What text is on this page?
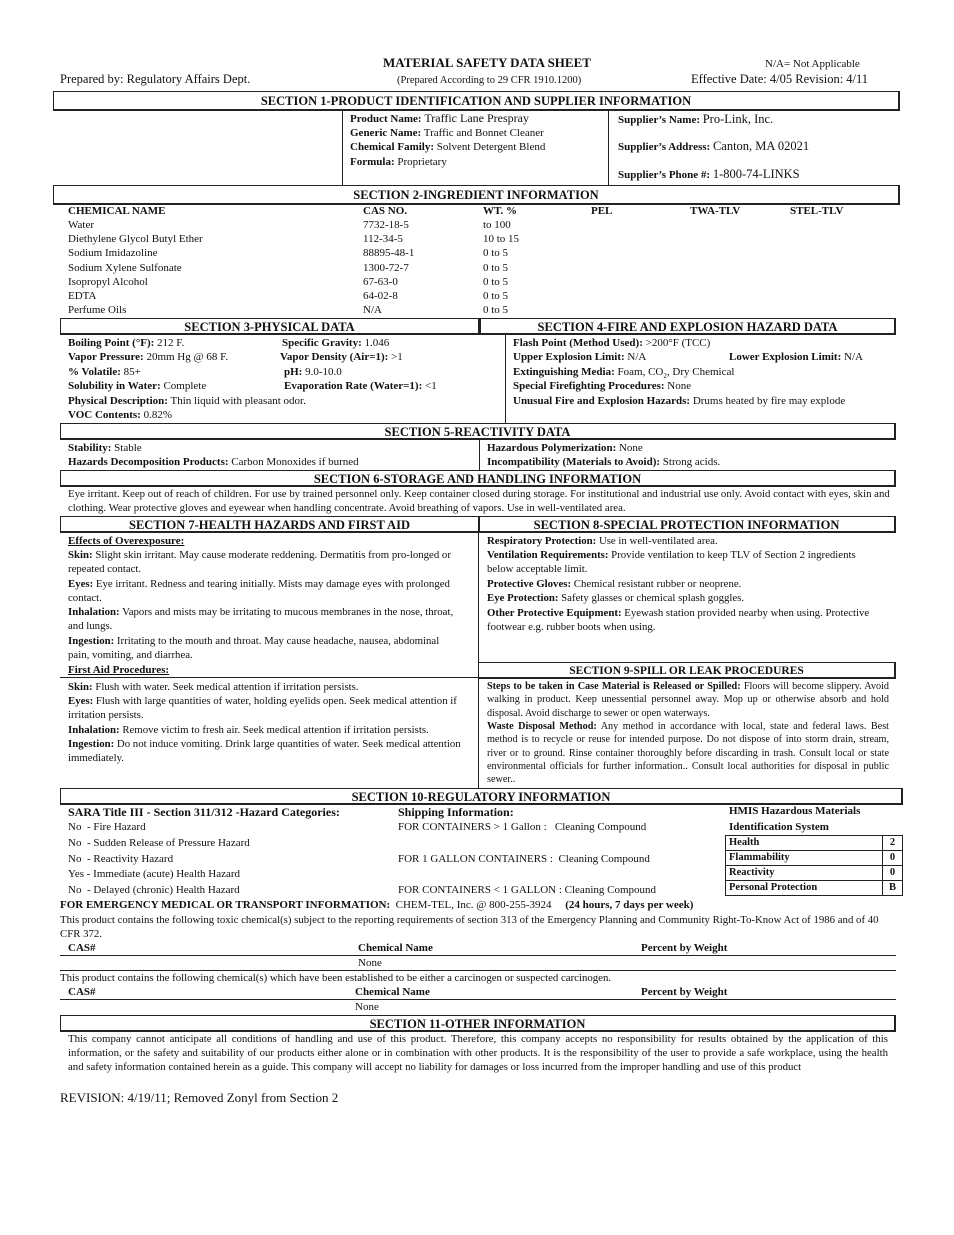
MATERIAL SAFETY DATA SHEET
(Prepared According to 29 CFR 1910.1200)
Prepared by: Regulatory Affairs Dept.
N/A= Not Applicable
Effective Date: 4/05 Revision: 4/11
SECTION 1-PRODUCT IDENTIFICATION AND SUPPLIER INFORMATION
Product Name: Traffic Lane Prespray
Generic Name: Traffic and Bonnet Cleaner
Chemical Family: Solvent Detergent Blend
Formula: Proprietary
Supplier’s Name: Pro-Link, Inc.
Supplier’s Address: Canton, MA 02021
Supplier’s Phone #: 1-800-74-LINKS
SECTION 2-INGREDIENT INFORMATION
CHEMICAL NAME	CAS NO.	WT. %	PEL	TWA-TLV	STEL-TLV
Water	7732-18-5	to 100
Diethylene Glycol Butyl Ether	112-34-5	10 to 15
Sodium Imidazoline	88895-48-1	0 to 5
Sodium Xylene Sulfonate	1300-72-7	0 to 5
Isopropyl Alcohol	67-63-0	0 to 5
EDTA	64-02-8	0 to 5
Perfume Oils	N/A	0 to 5
SECTION 3-PHYSICAL DATA	SECTION 4-FIRE AND EXPLOSION HAZARD DATA
Boiling Point (°F): 212 F.	Specific Gravity: 1.046
Vapor Pressure: 20mm Hg @ 68 F.	Vapor Density (Air=1): >1
% Volatile: 85+	pH: 9.0-10.0
Solubility in Water: Complete	Evaporation Rate (Water=1): <1
Physical Description: Thin liquid with pleasant odor.
VOC Contents: 0.82%
Flash Point (Method Used): >200°F (TCC)
Upper Explosion Limit: N/A	Lower Explosion Limit: N/A
Extinguishing Media: Foam, $CO_2$, Dry Chemical
Special Firefighting Procedures: None
Unusual Fire and Explosion Hazards: Drums heated by fire may explode
SECTION 5-REACTIVITY DATA
Stability: Stable
Hazards Decomposition Products: Carbon Monoxides if burned
Hazardous Polymerization: None
Incompatibility (Materials to Avoid): Strong acids.
SECTION 6-STORAGE AND HANDLING INFORMATION
Eye irritant. Keep out of reach of children. For use by trained personnel only. Keep container closed during storage. For institutional and industrial use only. Avoid contact with eyes, skin and clothing. Wear protective gloves and eyewear when handling concentrate. Avoid breathing of vapors. Use in well-ventilated area.
SECTION 7-HEALTH HAZARDS AND FIRST AID	SECTION 8-SPECIAL PROTECTION INFORMATION
Effects of Overexposure:
Skin: Slight skin irritant. May cause moderate reddening. Dermatitis from pro-longed or repeated contact.
Eyes: Eye irritant. Redness and tearing initially. Mists may damage eyes with prolonged contact.
Inhalation: Vapors and mists may be irritating to mucous membranes in the nose, throat, and lungs.
Ingestion: Irritating to the mouth and throat. May cause headache, nausea, abdominal pain, vomiting, and diarrhea.
First Aid Procedures:
Skin: Flush with water. Seek medical attention if irritation persists.
Eyes: Flush with large quantities of water, holding eyelids open. Seek medical attention if irritation persists.
Inhalation: Remove victim to fresh air. Seek medical attention if irritation persists.
Ingestion: Do not induce vomiting. Drink large quantities of water. Seek medical attention immediately.
Respiratory Protection: Use in well-ventilated area.
Ventilation Requirements: Provide ventilation to keep TLV of Section 2 ingredients below acceptable limit.
Protective Gloves: Chemical resistant rubber or neoprene.
Eye Protection: Safety glasses or chemical splash goggles.
Other Protective Equipment: Eyewash station provided nearby when using. Protective footwear e.g. rubber boots when using.
SECTION 9-SPILL OR LEAK PROCEDURES
Steps to be taken in Case Material is Released or Spilled: Floors will become slippery. Avoid walking in product. Keep unessential personnel away. Mop up or otherwise absorb and hold disposal. Avoid discharge to sewer or open waterways.
Waste Disposal Method: Any method in accordance with local, state and federal laws. Best method is to recycle or reuse for intended purpose. Do not dispose of into storm drain, stream, river or to ground. Rinse container thoroughly before discarding in trash. Consult local or state environmental officials for further information.. Consult local authorities for disposal in public sewer..
SECTION 10-REGULATORY INFORMATION
SARA Title III - Section 311/312 -Hazard Categories:
No  - Fire Hazard
No  - Sudden Release of Pressure Hazard
No  - Reactivity Hazard
Yes - Immediate (acute) Health Hazard
No  - Delayed (chronic) Health Hazard
Shipping Information:
FOR CONTAINERS > 1 Gallon :   Cleaning Compound
FOR 1 GALLON CONTAINERS :  Cleaning Compound
FOR CONTAINERS < 1 GALLON : Cleaning Compound
HMIS Hazardous Materials
Identification System
Health	2
Flammability	0
Reactivity	0
Personal Protection	B
FOR EMERGENCY MEDICAL OR TRANSPORT INFORMATION: CHEM-TEL, Inc. @ 800-255-3924 (24 hours, 7 days per week)
This product contains the following toxic chemical(s) subject to the reporting requirements of section 313 of the Emergency Planning and Community Right-To-Know Act of 1986 and of 40 CFR 372.
CAS#	Chemical Name	Percent by Weight
None
This product contains the following chemical(s) which have been established to be either a carcinogen or suspected carcinogen.
CAS#	Chemical Name	Percent by Weight
None
SECTION 11-OTHER INFORMATION
This company cannot anticipate all conditions of handling and use of this product. Therefore, this company accepts no responsibility for results obtained by the application of this information, or the safety and suitability of our products either alone or in combination with other products. It is the responsibility of the user to provide a safe workplace, using the health and safety information contained herein as a guide. This company will accept no liability for damages or loss incurred from the improper handling and use of this product
REVISION: 4/19/11; Removed Zonyl from Section 2
